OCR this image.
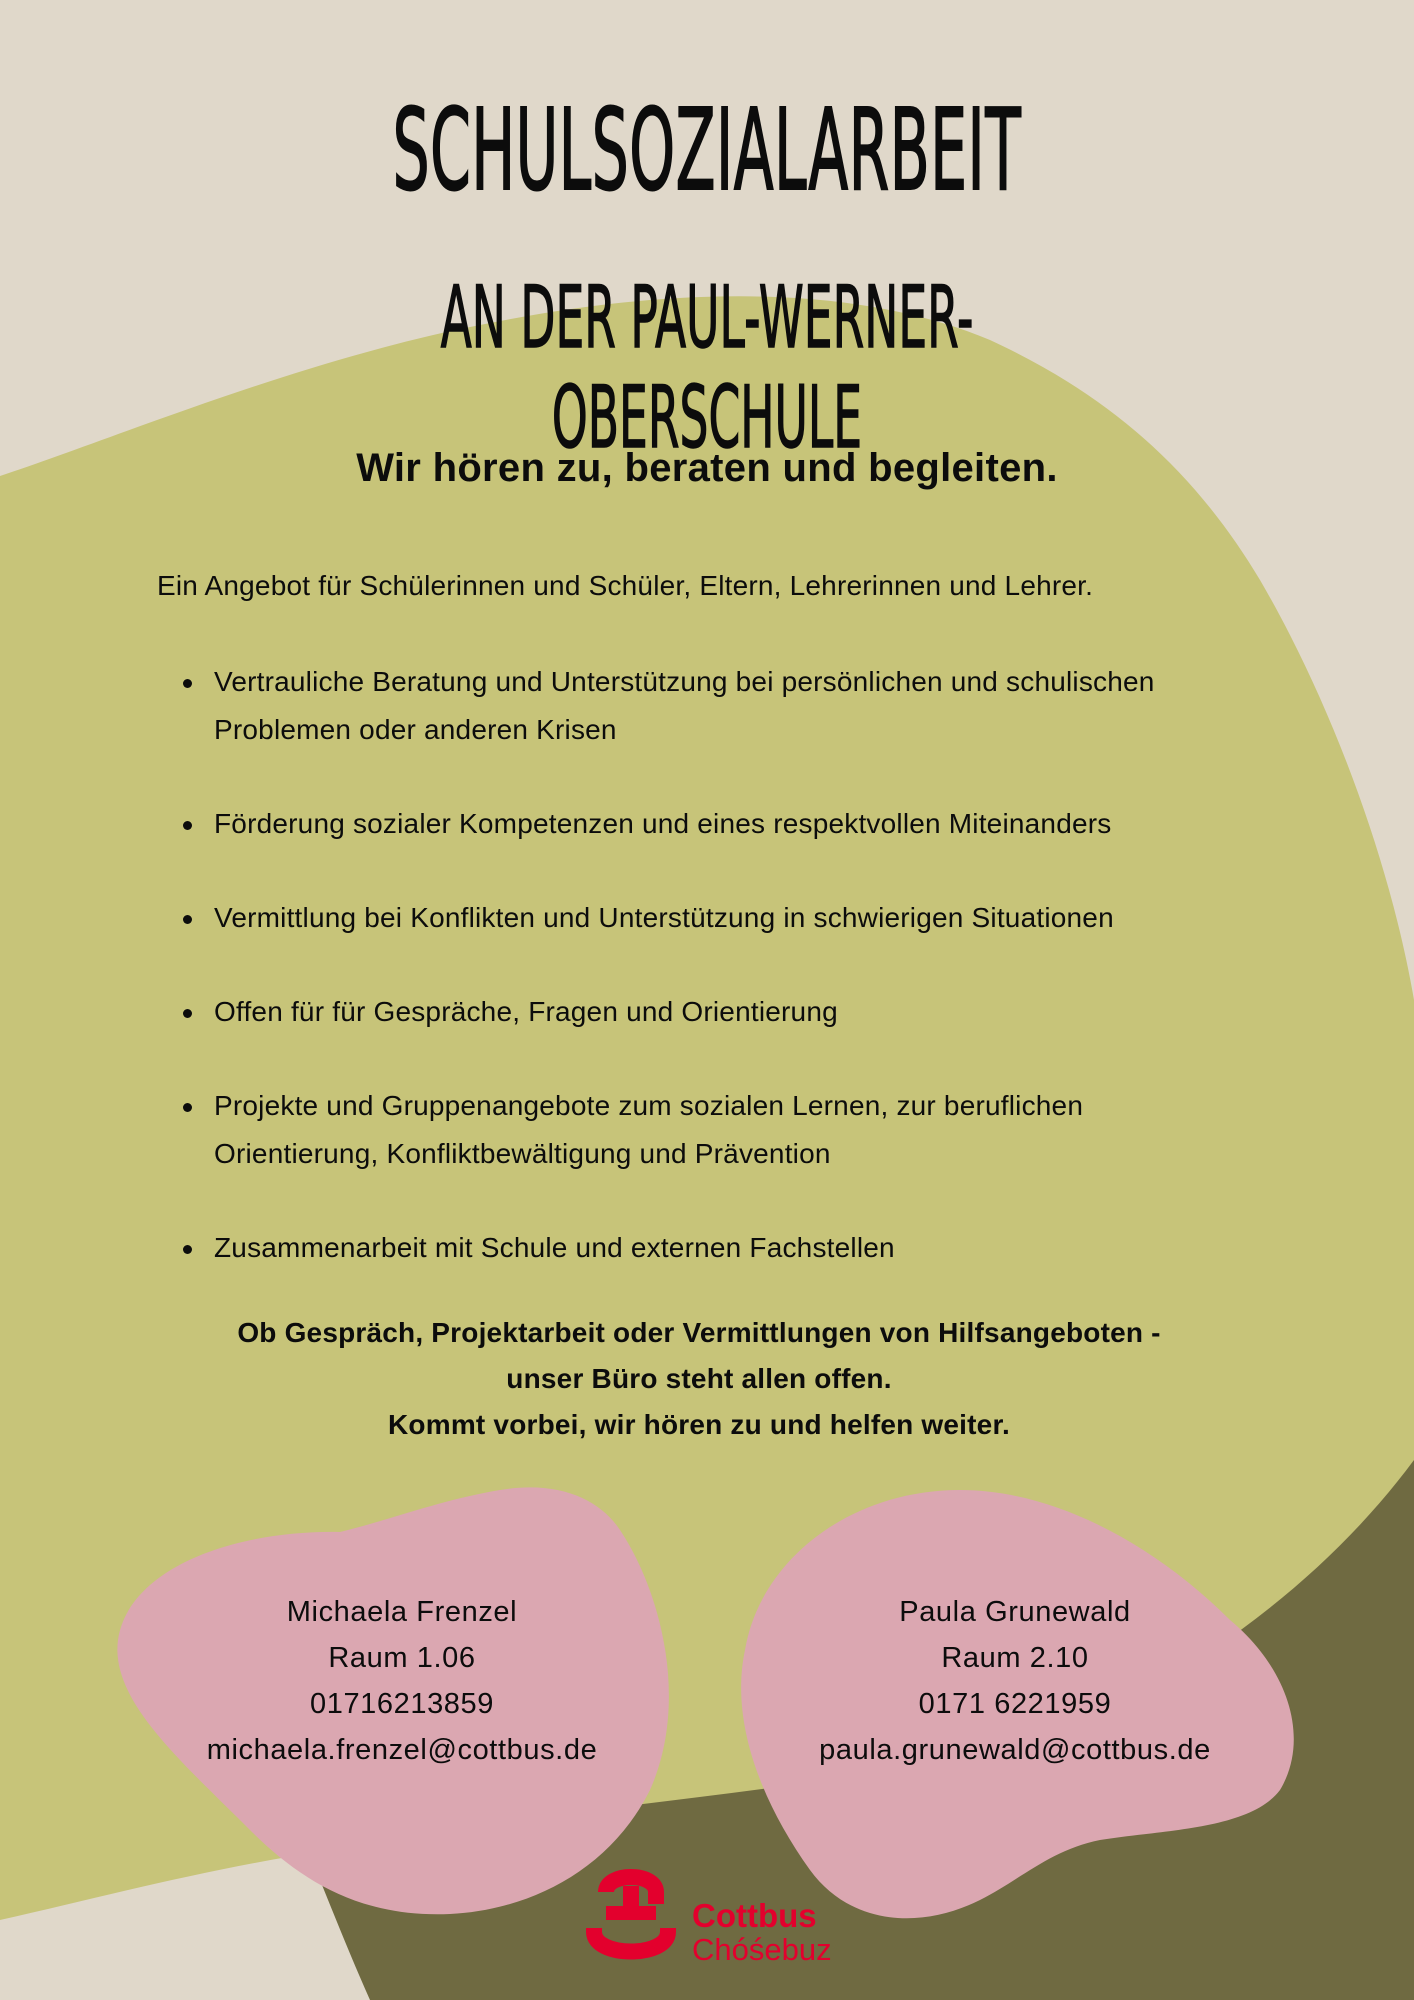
SCHULSOZIALARBEIT
AN DER PAUL-WERNER-OBERSCHULE
Wir hören zu, beraten und begleiten.
Ein Angebot für Schülerinnen und Schüler, Eltern, Lehrerinnen und Lehrer.
Vertrauliche Beratung und Unterstützung bei persönlichen und schulischen
Problemen oder anderen Krisen
Förderung sozialer Kompetenzen und eines respektvollen Miteinanders
Vermittlung bei Konflikten und Unterstützung in schwierigen Situationen
Offen für für Gespräche, Fragen und Orientierung
Projekte und Gruppenangebote zum sozialen Lernen, zur beruflichen
Orientierung, Konfliktbewältigung und Prävention
Zusammenarbeit mit Schule und externen Fachstellen
Ob Gespräch, Projektarbeit oder Vermittlungen von Hilfsangeboten -
unser Büro steht allen offen.
Kommt vorbei, wir hören zu und helfen weiter.
Michaela Frenzel
Raum 1.06
01716213859
michaela.frenzel@cottbus.de
Paula Grunewald
Raum 2.10
0171 6221959
paula.grunewald@cottbus.de
Cottbus
Chóśebuz
